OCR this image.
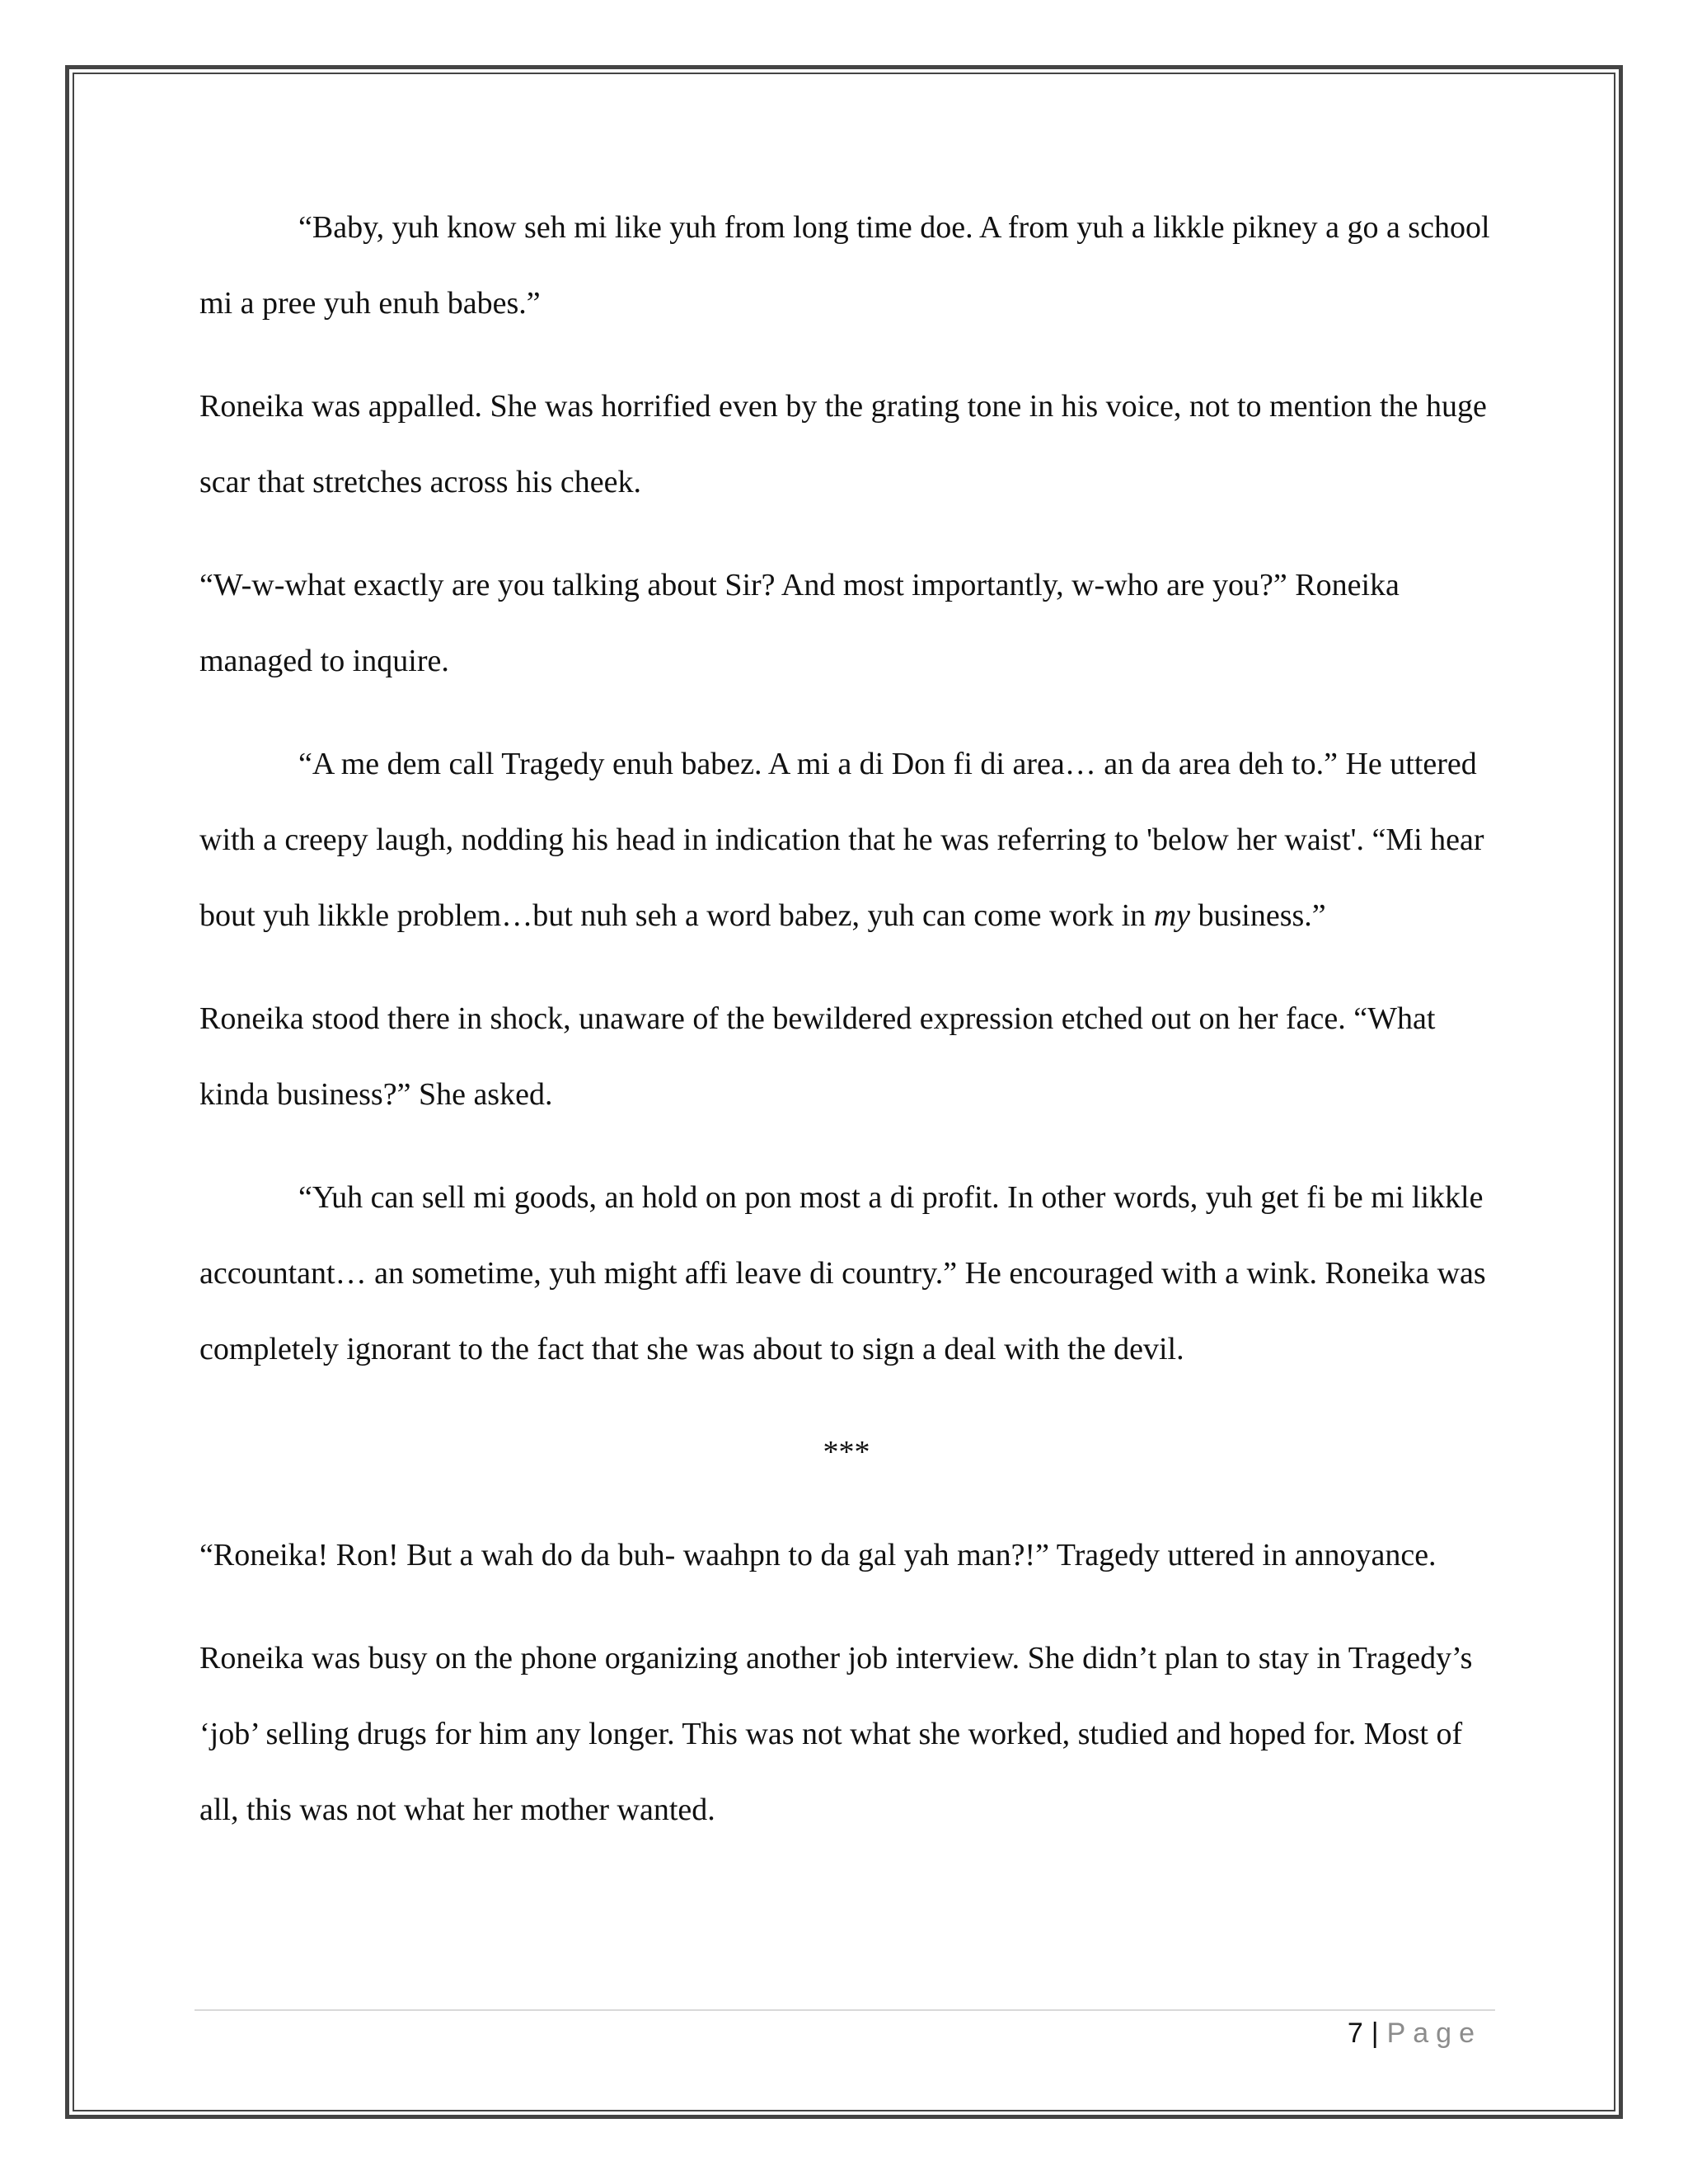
“Baby, yuh know seh mi like yuh from long time doe. A from yuh a likkle pikney a go a school mi a pree yuh enuh babes.”

Roneika was appalled. She was horrified even by the grating tone in his voice, not to mention the huge scar that stretches across his cheek.

“W-w-what exactly are you talking about Sir? And most importantly, w-who are you?” Roneika managed to inquire.

“A me dem call Tragedy enuh babez. A mi a di Don fi di area… an da area deh to.” He uttered with a creepy laugh, nodding his head in indication that he was referring to 'below her waist'. “Mi hear bout yuh likkle problem…but nuh seh a word babez, yuh can come work in my business.”

Roneika stood there in shock, unaware of the bewildered expression etched out on her face. “What kinda business?” She asked.

“Yuh can sell mi goods, an hold on pon most a di profit. In other words, yuh get fi be mi likkle accountant… an sometime, yuh might affi leave di country.” He encouraged with a wink. Roneika was completely ignorant to the fact that she was about to sign a deal with the devil.

***

“Roneika! Ron! But a wah do da buh- waahpn to da gal yah man?!” Tragedy uttered in annoyance.

Roneika was busy on the phone organizing another job interview. She didn’t plan to stay in Tragedy’s ‘job’ selling drugs for him any longer. This was not what she worked, studied and hoped for. Most of all, this was not what her mother wanted.

7 | Page
